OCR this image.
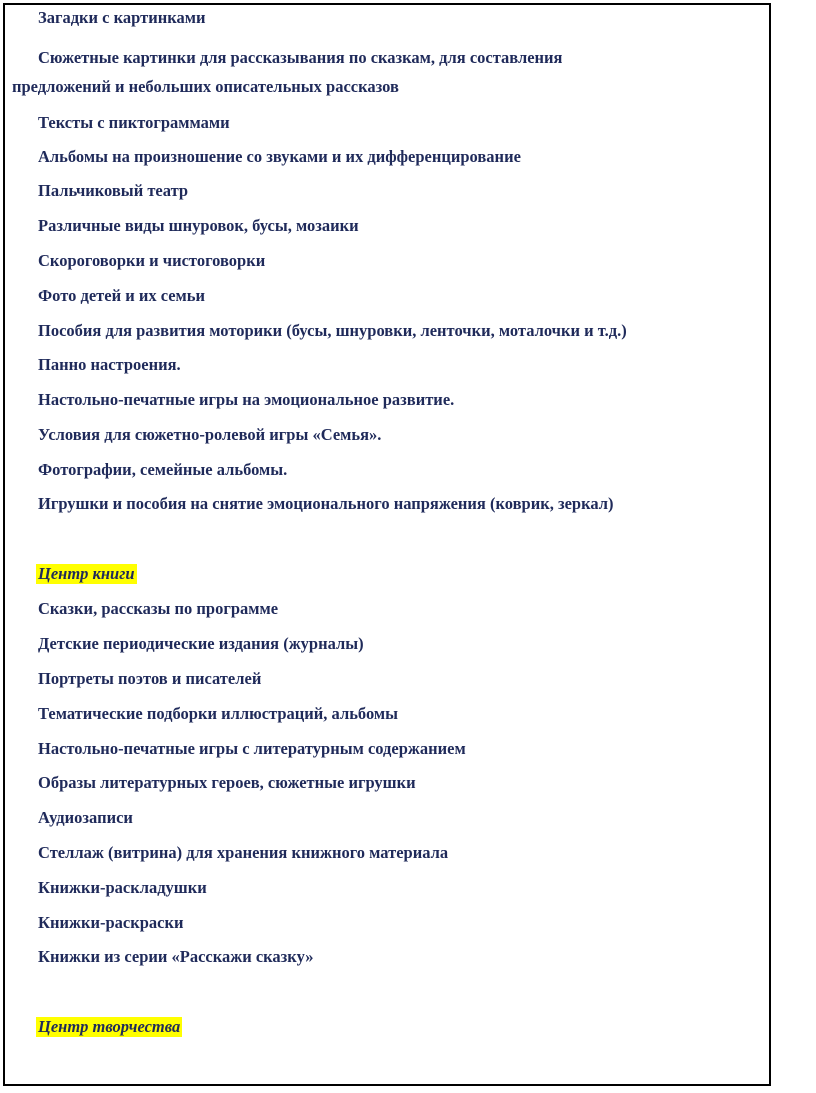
Загадки с картинками
Сюжетные картинки для рассказывания по сказкам, для составления
предложений и небольших описательных рассказов
Тексты с пиктограммами
Альбомы на произношение со звуками и их дифференцирование
Пальчиковый театр
Различные виды шнуровок, бусы, мозаики
Скороговорки и чистоговорки
Фото детей и их семьи
Пособия для развития моторики (бусы, шнуровки, ленточки, моталочки и т.д.)
Панно настроения.
Настольно-печатные игры на эмоциональное развитие.
Условия для сюжетно-ролевой игры «Семья».
Фотографии, семейные альбомы.
Игрушки и пособия на снятие эмоционального напряжения (коврик, зеркал)
Центр книги
Сказки, рассказы по программе
Детские периодические издания (журналы)
Портреты поэтов и писателей
Тематические подборки иллюстраций, альбомы
Настольно-печатные игры с литературным содержанием
Образы литературных героев, сюжетные игрушки
Аудиозаписи
Стеллаж (витрина) для хранения книжного материала
Книжки-раскладушки
Книжки-раскраски
Книжки из серии «Расскажи сказку»
Центр творчества
